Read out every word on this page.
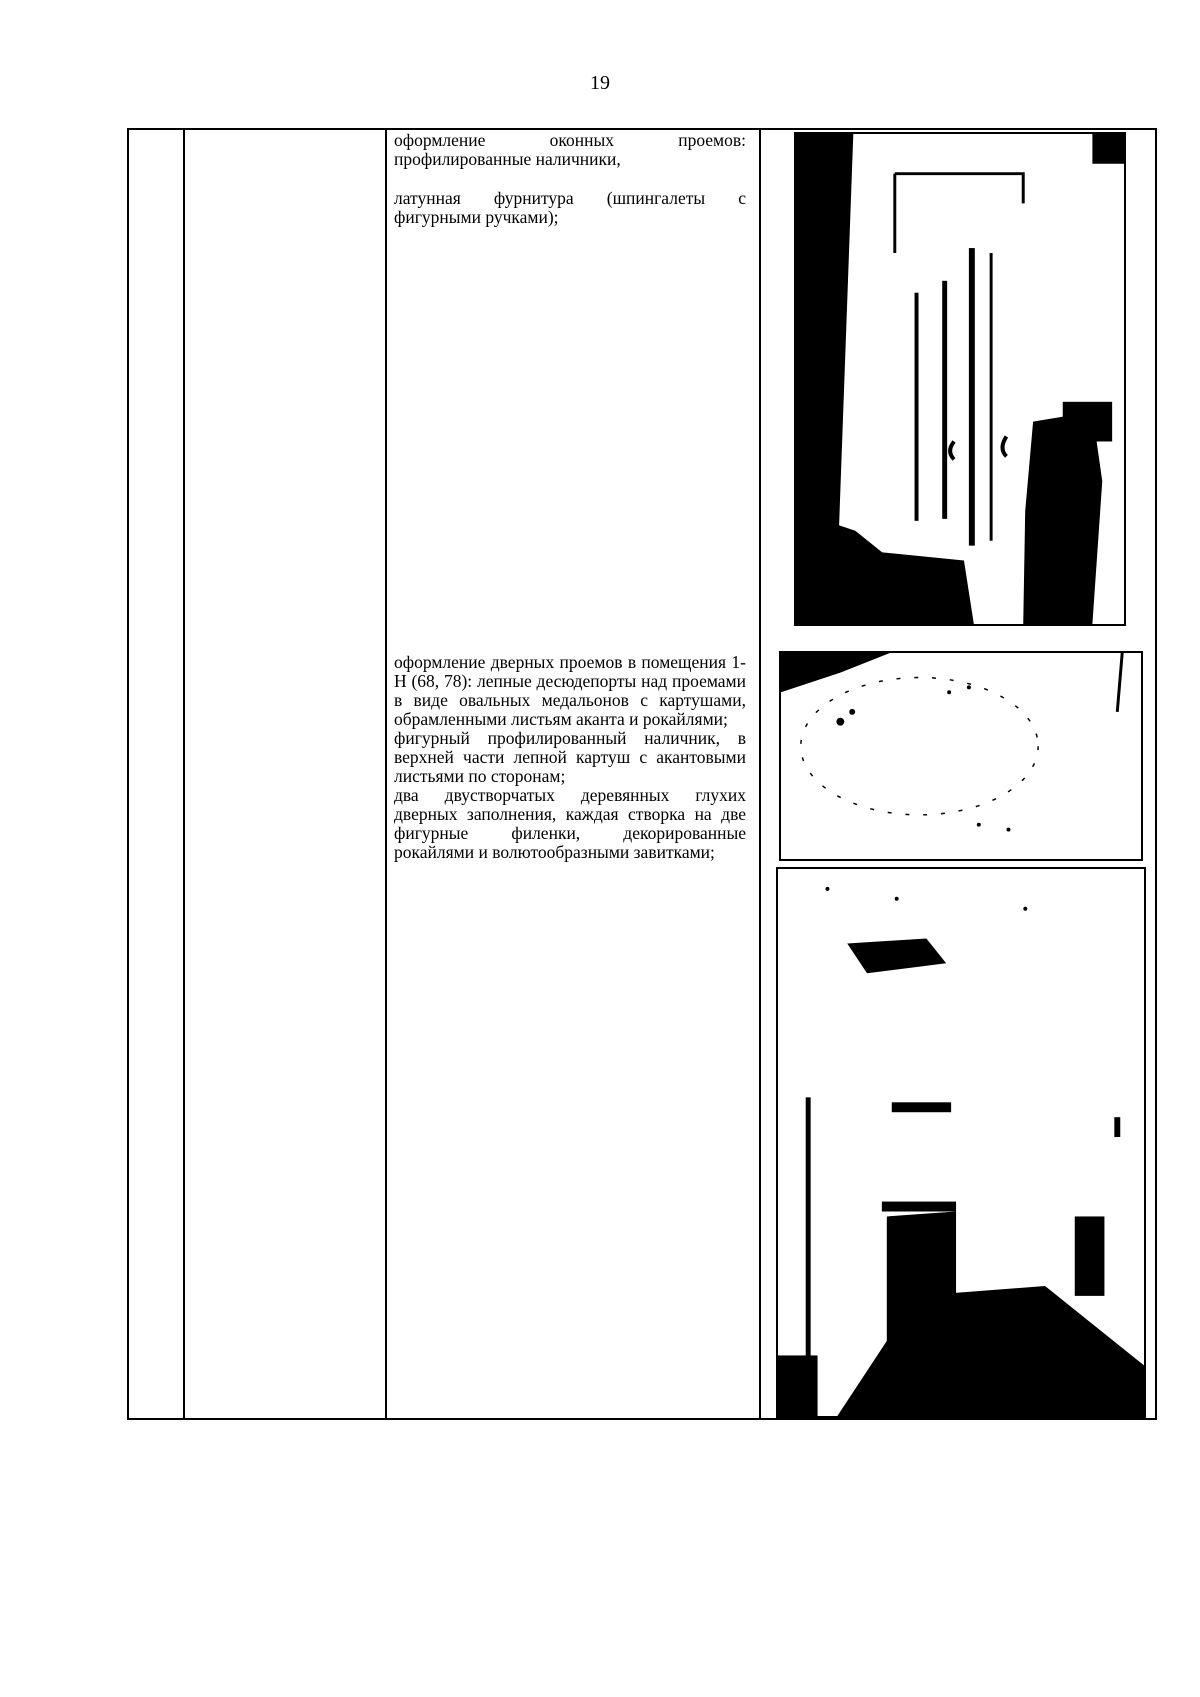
19

оформление оконных проемов: профилированные наличники,

латунная фурнитура (шпингалеты с фигурными ручками);

оформление дверных проемов в помещения 1-Н (68, 78): лепные десюдепорты над проемами в виде овальных медальонов с картушами, обрамленными листьям аканта и рокайлями;

фигурный профилированный наличник, в верхней части лепной картуш с акантовыми листьями по сторонам;

два двустворчатых деревянных глухих дверных заполнения, каждая створка на две фигурные филенки, декорированные рокайлями и волютообразными завитками;
